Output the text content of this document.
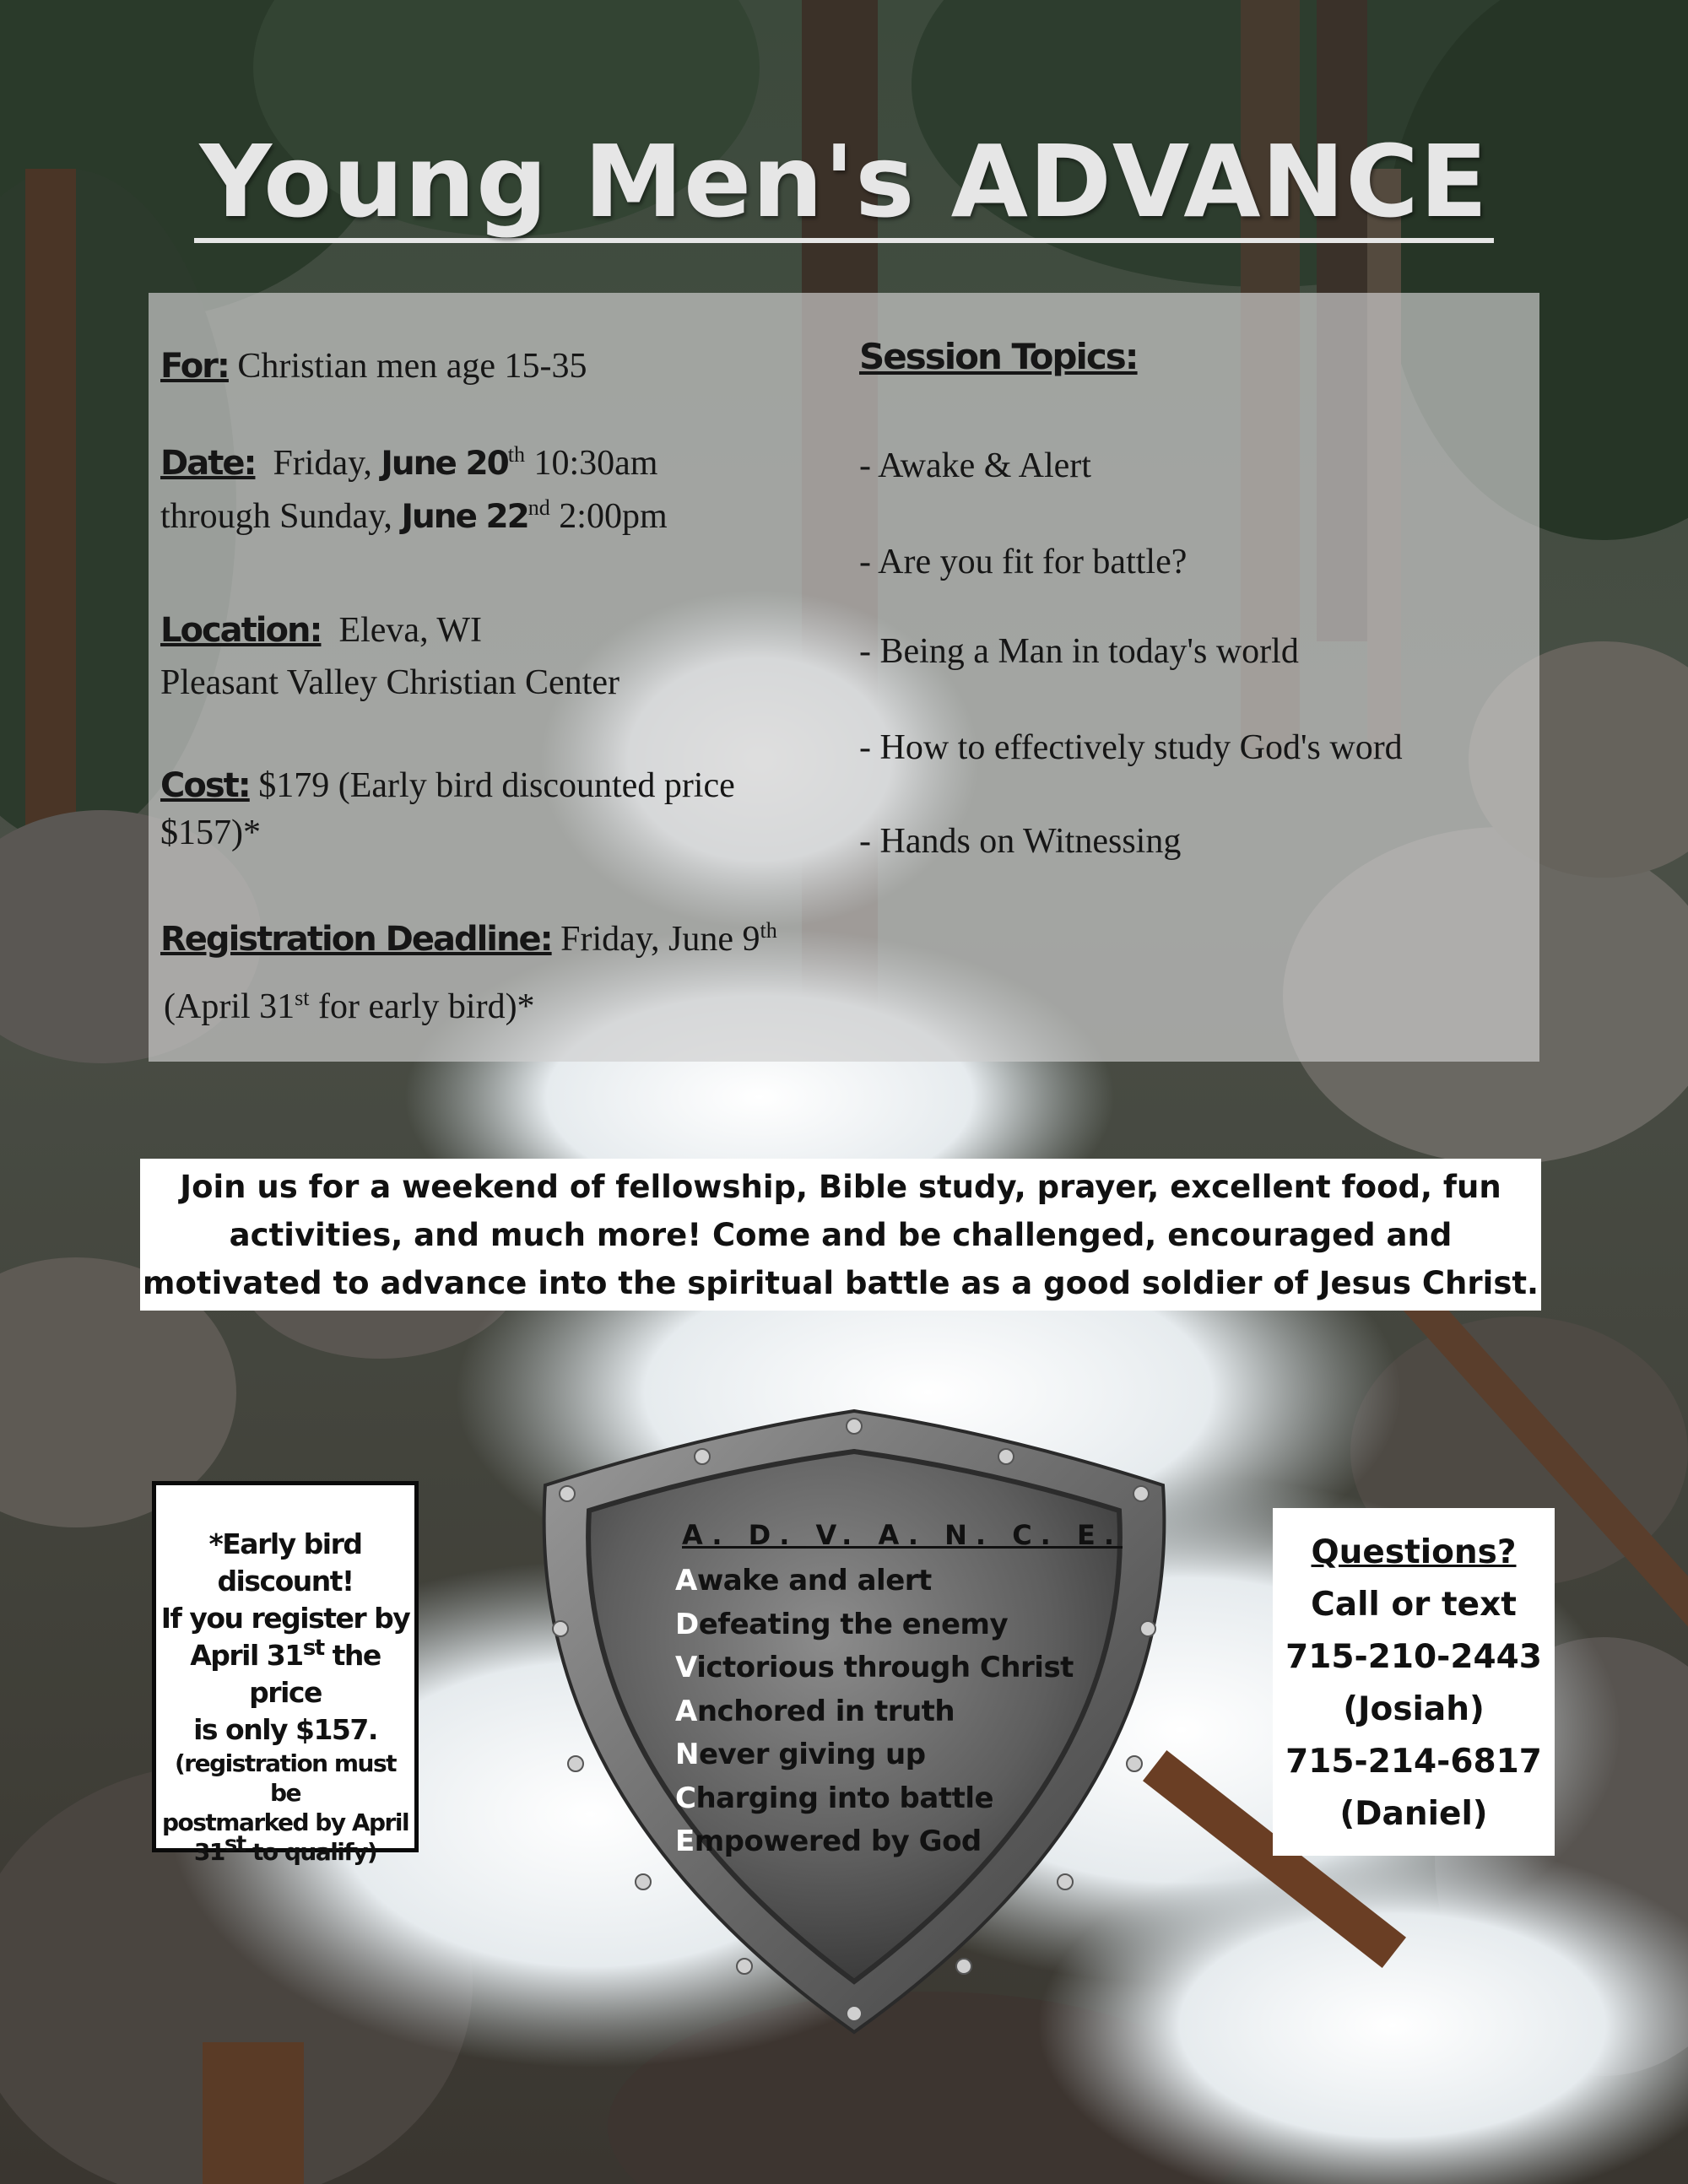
Young Men's ADVANCE
For: Christian men age 15-35
Date:  Friday, June 20th 10:30am
through Sunday, June 22nd 2:00pm
Location:  Eleva, WI
Pleasant Valley Christian Center
Cost: $179 (Early bird discounted price
$157)*
Registration Deadline: Friday, June 9th
(April 31st for early bird)*
Session Topics:
- Awake & Alert
- Are you fit for battle?
- Being a Man in today's world
- How to effectively study God's word
- Hands on Witnessing

Join us for a weekend of fellowship, Bible study, prayer, excellent food, fun
activities, and much more! Come and be challenged, encouraged and
motivated to advance into the spiritual battle as a good soldier of Jesus Christ.

*Early bird
discount!
If you register by
April 31st the price
is only $157.
(registration must be
postmarked by April
31st to qualify)
A. D. V. A. N. C. E.
Awake and alert
Defeating the enemy
Victorious through Christ
Anchored in truth
Never giving up
Charging into battle
Empowered by God
Questions?
Call or text
715-210-2443
(Josiah)
715-214-6817
(Daniel)
